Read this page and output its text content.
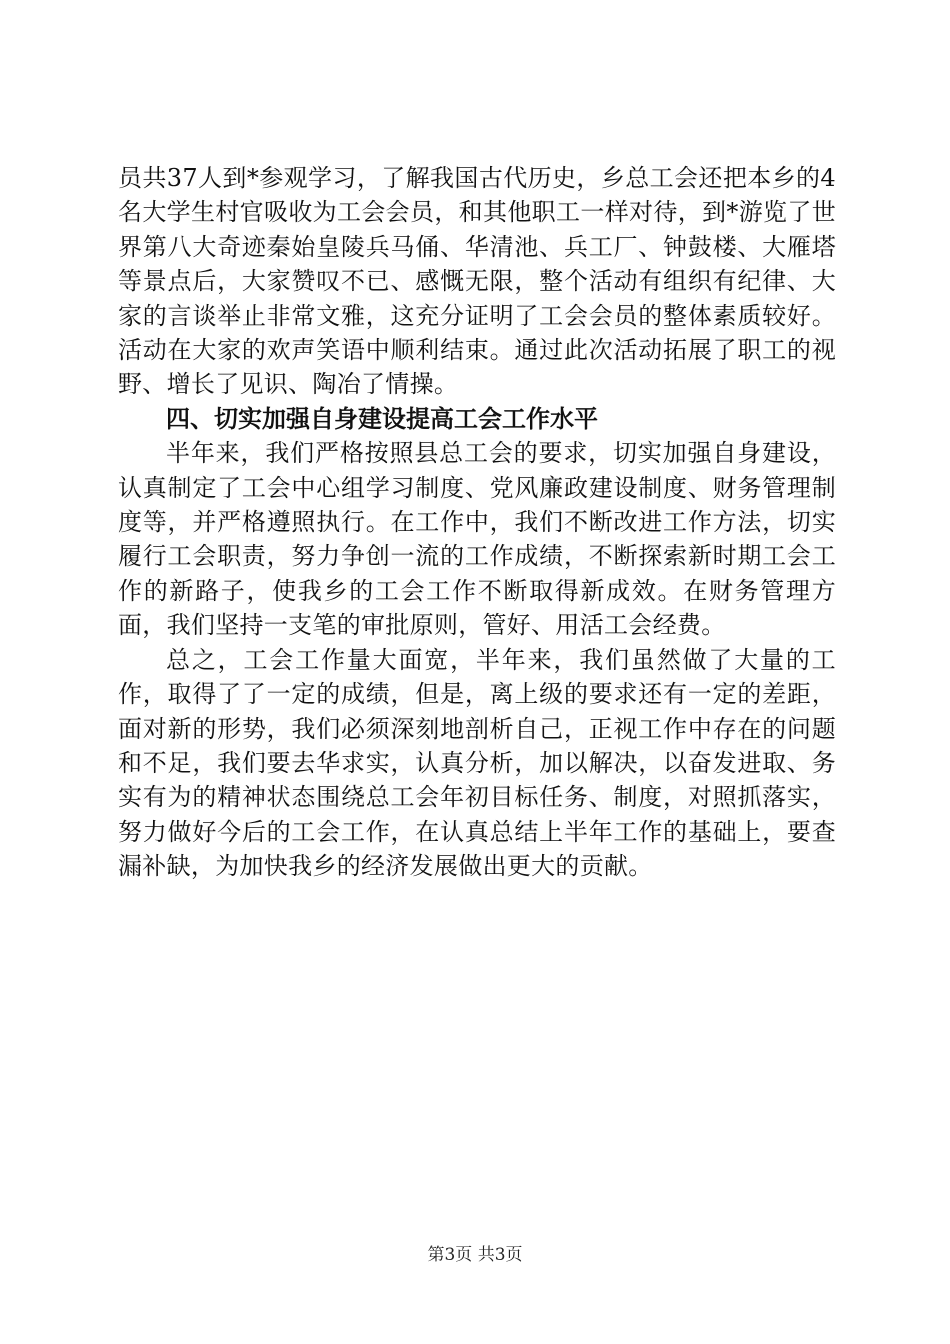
员共37人到*参观学习，了解我国古代历史，乡总工会还把本乡的4名大学生村官吸收为工会会员，和其他职工一样对待，到*游览了世界第八大奇迹秦始皇陵兵马俑、华清池、兵工厂、钟鼓楼、大雁塔等景点后，大家赞叹不已、感慨无限，整个活动有组织有纪律、大家的言谈举止非常文雅，这充分证明了工会会员的整体素质较好。活动在大家的欢声笑语中顺利结束。通过此次活动拓展了职工的视野、增长了见识、陶冶了情操。

四、切实加强自身建设提高工会工作水平

半年来，我们严格按照县总工会的要求，切实加强自身建设，认真制定了工会中心组学习制度、党风廉政建设制度、财务管理制度等，并严格遵照执行。在工作中，我们不断改进工作方法，切实履行工会职责，努力争创一流的工作成绩，不断探索新时期工会工作的新路子，使我乡的工会工作不断取得新成效。在财务管理方面，我们坚持一支笔的审批原则，管好、用活工会经费。

总之，工会工作量大面宽，半年来，我们虽然做了大量的工作，取得了了一定的成绩，但是，离上级的要求还有一定的差距，面对新的形势，我们必须深刻地剖析自己，正视工作中存在的问题和不足，我们要去华求实，认真分析，加以解决，以奋发进取、务实有为的精神状态围绕总工会年初目标任务、制度，对照抓落实，努力做好今后的工会工作，在认真总结上半年工作的基础上，要查漏补缺，为加快我乡的经济发展做出更大的贡献。

第3页 共3页
